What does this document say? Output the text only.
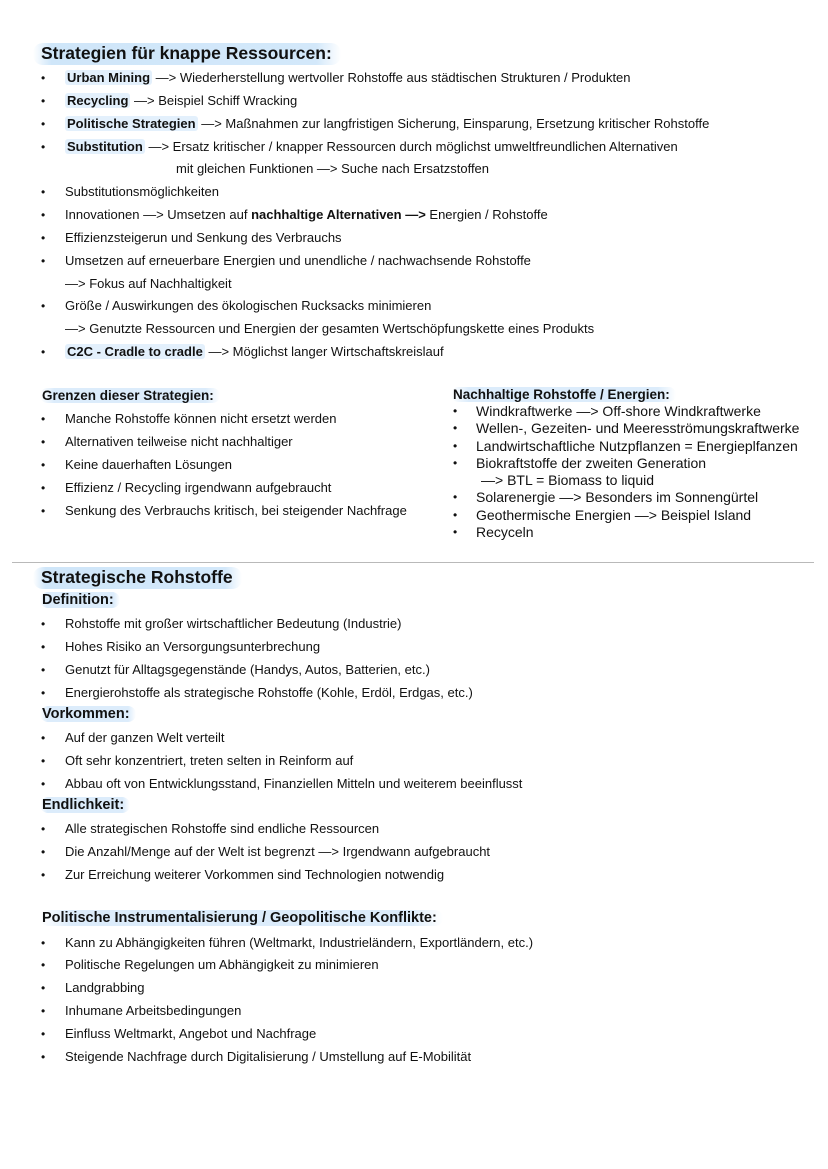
Strategien für knappe Ressourcen:
• Urban Mining —> Wiederherstellung wertvoller Rohstoffe aus städtischen Strukturen / Produkten
• Recycling —> Beispiel Schiff Wracking
• Politische Strategien —> Maßnahmen zur langfristigen Sicherung, Einsparung, Ersetzung kritischer Rohstoffe
• Substitution —> Ersatz kritischer / knapper Ressourcen durch möglichst umweltfreundlichen Alternativen
mit gleichen Funktionen —> Suche nach Ersatzstoffen
• Substitutionsmöglichkeiten
• Innovationen —> Umsetzen auf nachhaltige Alternativen —> Energien / Rohstoffe
• Effizienzsteigerun und Senkung des Verbrauchs
• Umsetzen auf erneuerbare Energien und unendliche / nachwachsende Rohstoffe
—> Fokus auf Nachhaltigkeit
• Größe / Auswirkungen des ökologischen Rucksacks minimieren
—> Genutzte Ressourcen und Energien der gesamten Wertschöpfungskette eines Produkts
• C2C - Cradle to cradle —> Möglichst langer Wirtschaftskreislauf
Grenzen dieser Strategien:
• Manche Rohstoffe können nicht ersetzt werden
• Alternativen teilweise nicht nachhaltiger
• Keine dauerhaften Lösungen
• Effizienz / Recycling irgendwann aufgebraucht
• Senkung des Verbrauchs kritisch, bei steigender Nachfrage
Nachhaltige Rohstoffe / Energien:
• Windkraftwerke —> Off-shore Windkraftwerke
• Wellen-, Gezeiten- und Meeresströmungskraftwerke
• Landwirtschaftliche Nutzpflanzen = Energieplfanzen
• Biokraftstoffe der zweiten Generation
—> BTL = Biomass to liquid
• Solarenergie —> Besonders im Sonnengürtel
• Geothermische Energien —> Beispiel Island
• Recyceln
Strategische Rohstoffe
Definition:
• Rohstoffe mit großer wirtschaftlicher Bedeutung (Industrie)
• Hohes Risiko an Versorgungsunterbrechung
• Genutzt für Alltagsgegenstände (Handys, Autos, Batterien, etc.)
• Energierohstoffe als strategische Rohstoffe (Kohle, Erdöl, Erdgas, etc.)
Vorkommen:
• Auf der ganzen Welt verteilt
• Oft sehr konzentriert, treten selten in Reinform auf
• Abbau oft von Entwicklungsstand, Finanziellen Mitteln und weiterem beeinflusst
Endlichkeit:
• Alle strategischen Rohstoffe sind endliche Ressourcen
• Die Anzahl/Menge auf der Welt ist begrenzt —> Irgendwann aufgebraucht
• Zur Erreichung weiterer Vorkommen sind Technologien notwendig
Politische Instrumentalisierung / Geopolitische Konflikte:
• Kann zu Abhängigkeiten führen (Weltmarkt, Industrieländern, Exportländern, etc.)
• Politische Regelungen um Abhängigkeit zu minimieren
• Landgrabbing
• Inhumane Arbeitsbedingungen
• Einfluss Weltmarkt, Angebot und Nachfrage
• Steigende Nachfrage durch Digitalisierung / Umstellung auf E-Mobilität
